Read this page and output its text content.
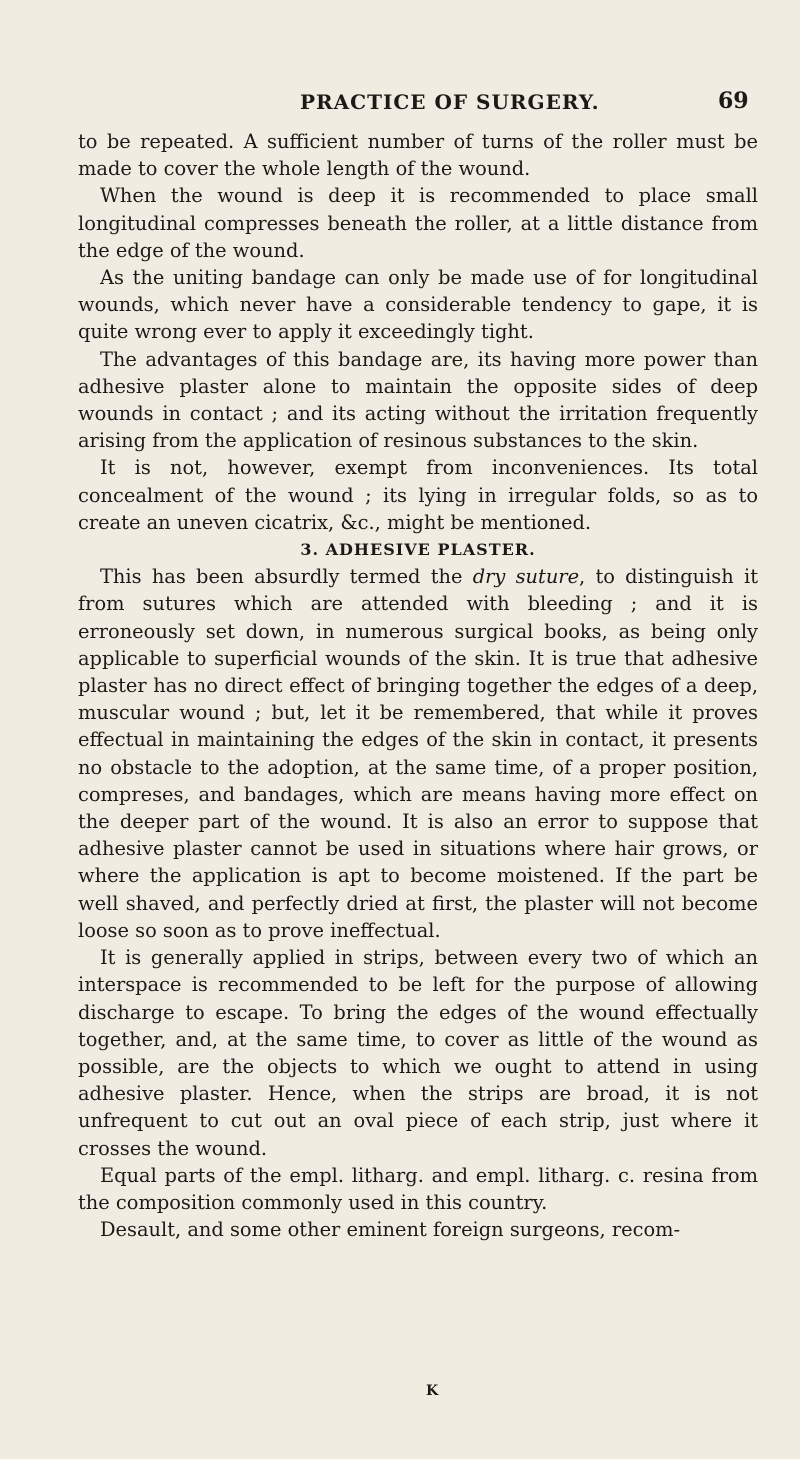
PRACTICE OF SURGERY.	69

to be repeated. A sufficient number of turns of the roller must be made to cover the whole length of the wound.

When the wound is deep it is recommended to place small longitudinal compresses beneath the roller, at a little distance from the edge of the wound.

As the uniting bandage can only be made use of for longitudinal wounds, which never have a considerable tendency to gape, it is quite wrong ever to apply it exceedingly tight.

The advantages of this bandage are, its having more power than adhesive plaster alone to maintain the opposite sides of deep wounds in contact ; and its acting without the irritation frequently arising from the application of resinous substances to the skin.

It is not, however, exempt from inconveniences. Its total concealment of the wound ; its lying in irregular folds, so as to create an uneven cicatrix, &c., might be mentioned.

3. ADHESIVE PLASTER.

This has been absurdly termed the dry suture, to distinguish it from sutures which are attended with bleeding ; and it is erroneously set down, in numerous surgical books, as being only applicable to superficial wounds of the skin. It is true that adhesive plaster has no direct effect of bringing together the edges of a deep, muscular wound ; but, let it be remembered, that while it proves effectual in maintaining the edges of the skin in contact, it presents no obstacle to the adoption, at the same time, of a proper position, compreses, and bandages, which are means having more effect on the deeper part of the wound. It is also an error to suppose that adhesive plaster cannot be used in situations where hair grows, or where the application is apt to become moistened. If the part be well shaved, and perfectly dried at first, the plaster will not become loose so soon as to prove ineffectual.

It is generally applied in strips, between every two of which an interspace is recommended to be left for the purpose of allowing discharge to escape. To bring the edges of the wound effectually together, and, at the same time, to cover as little of the wound as possible, are the objects to which we ought to attend in using adhesive plaster. Hence, when the strips are broad, it is not unfrequent to cut out an oval piece of each strip, just where it crosses the wound.

Equal parts of the empl. litharg. and empl. litharg. c. resina from the composition commonly used in this country.

Desault, and some other eminent foreign surgeons, recom-

K
